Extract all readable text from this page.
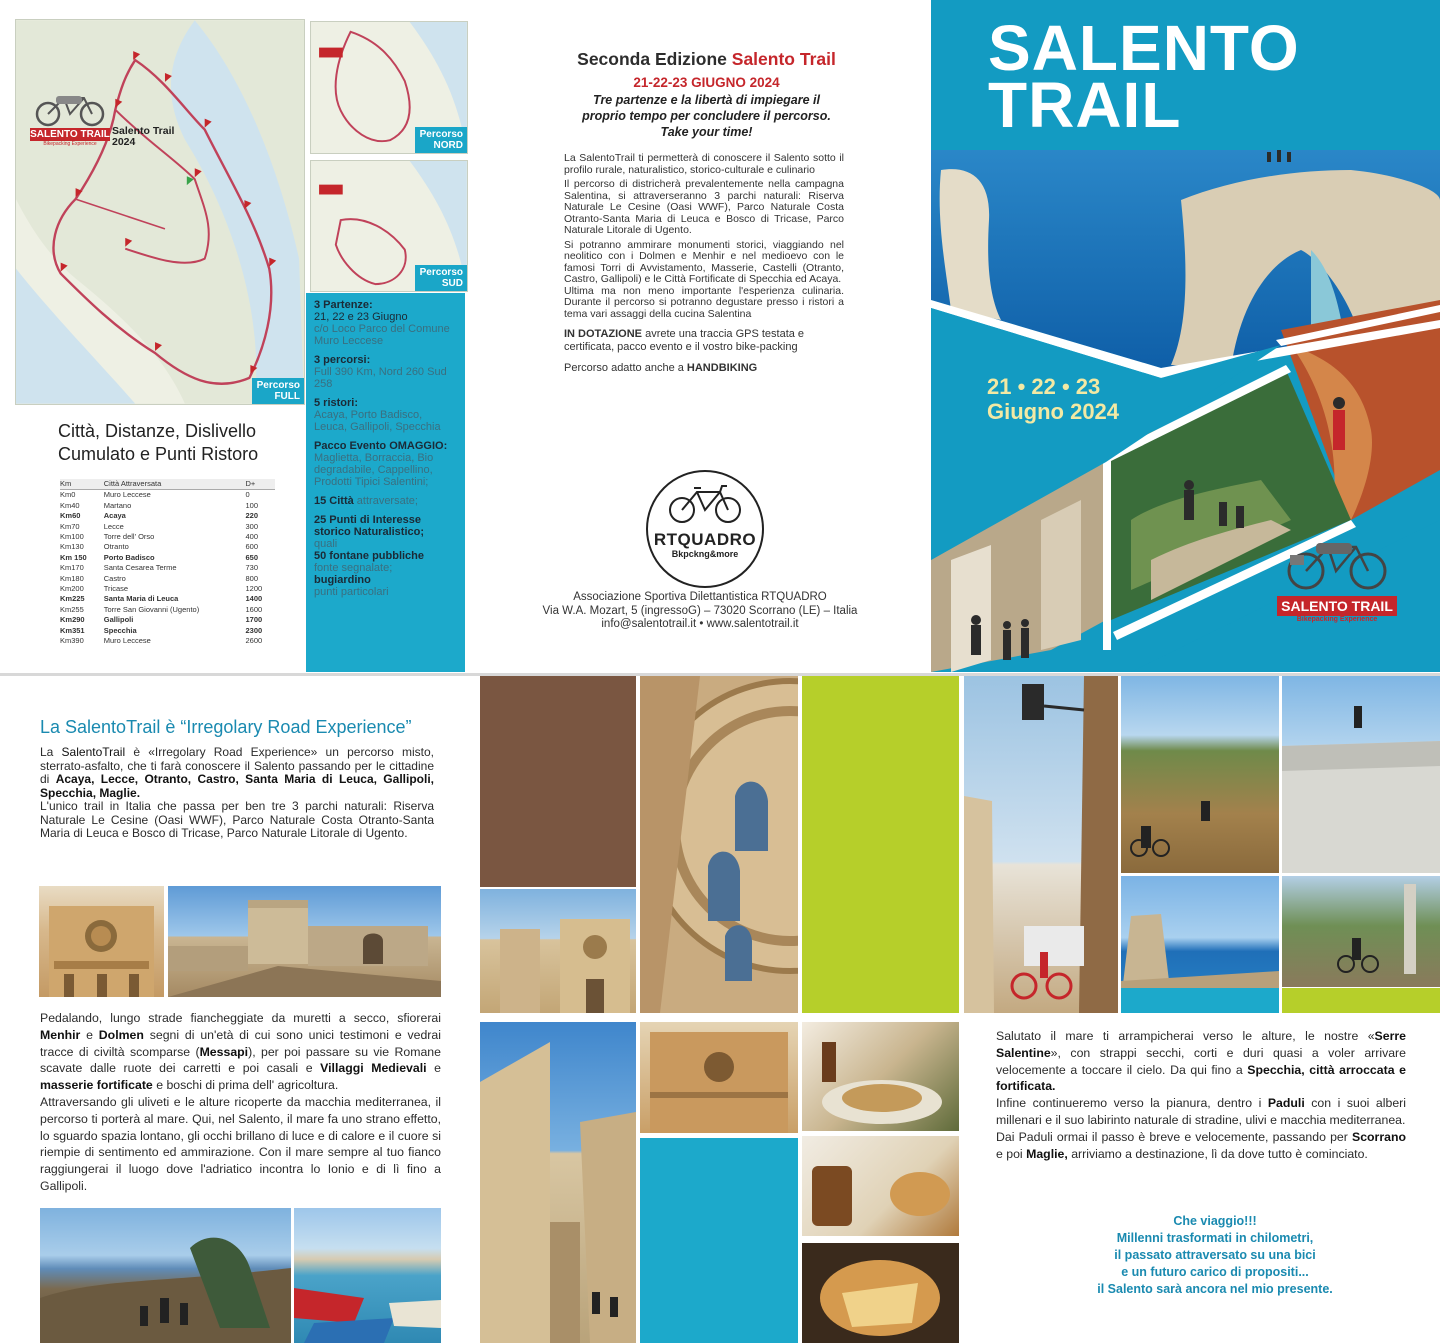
SALENTO TRAIL
Bikepacking Experience
Salento Trail 2024
Percorso FULL
Percorso NORD
Percorso SUD
3 Partenze:
21, 22 e 23 Giugno
c/o Loco Parco del Comune Muro Leccese
3 percorsi:
Full 390 Km, Nord 260 Sud 258
5 ristori:
Acaya, Porto Badisco, Leuca, Gallipoli, Specchia
Pacco Evento OMAGGIO:
Maglietta, Borraccia, Bio degradabile, Cappellino, Prodotti Tipici Salentini;
15 Città attraversate;
25 Punti di Interesse storico Naturalistico;
quali
50 fontane pubbliche
fonte segnalate;
bugiardino
punti particolari
Città, Distanze, Dislivello
Cumulato e Punti Ristoro
Km	Città Attraversata	D+
Km0	Muro Leccese	0
Km40	Martano	100
Km60	Acaya	220
Km70	Lecce	300
Km100	Torre dell' Orso	400
Km130	Otranto	600
Km 150	Porto Badisco	650
Km170	Santa Cesarea Terme	730
Km180	Castro	800
Km200	Tricase	1200
Km225	Santa Maria di Leuca	1400
Km255	Torre San Giovanni (Ugento)	1600
Km290	Gallipoli	1700
Km351	Specchia	2300
Km390	Muro Leccese	2600
Seconda Edizione Salento Trail
21-22-23 GIUGNO 2024
Tre partenze e la libertà di impiegare il
proprio tempo per concludere il percorso.
Take your time!
La SalentoTrail ti permetterà di conoscere il Salento sotto il profilo rurale, naturalistico, storico-culturale e culinario
Il percorso di districherà prevalentemente nella campagna Salentina, si attraverseranno 3 parchi naturali: Riserva Naturale Le Cesine (Oasi WWF), Parco Naturale Costa Otranto-Santa Maria di Leuca e Bosco di Tricase, Parco Naturale Litorale di Ugento.
Si potranno ammirare monumenti storici, viaggiando nel neolitico con i Dolmen e Menhir e nel medioevo con le famosi Torri di Avvistamento, Masserie, Castelli (Otranto, Castro, Gallipoli) e le Città Fortificate di Specchia ed Acaya.
Ultima ma non meno importante l'esperienza culinaria. Durante il percorso si potranno degustare presso i ristori a tema vari assaggi della cucina Salentina
IN DOTAZIONE avrete una traccia GPS testata e certificata, pacco evento e il vostro bike-packing
Percorso adatto anche a HANDBIKING
RTQUADRO
Bkpckng&more
Associazione Sportiva Dilettantistica RTQUADRO
Via W.A. Mozart, 5 (ingressoG) – 73020 Scorrano (LE) – Italia
info@salentotrail.it • www.salentotrail.it
SALENTO
TRAIL
21 • 22 • 23
Giugno 2024
SALENTO TRAIL
Bikepacking Experience
La SalentoTrail è “Irregolary Road Experience”
La SalentoTrail è «Irregolary Road Experience» un percorso misto, sterrato-asfalto, che ti farà conoscere il Salento passando per le cittadine di Acaya, Lecce, Otranto, Castro, Santa Maria di Leuca, Gallipoli, Specchia, Maglie.
L'unico trail in Italia che passa per ben tre 3 parchi naturali: Riserva Naturale Le Cesine (Oasi WWF), Parco Naturale Costa Otranto-Santa Maria di Leuca e Bosco di Tricase, Parco Naturale Litorale di Ugento.
Pedalando, lungo strade fiancheggiate da muretti a secco, sfiorerai Menhir e Dolmen segni di un'età di cui sono unici testimoni e vedrai tracce di civiltà scomparse (Messapi), per poi passare su vie Romane scavate dalle ruote dei carretti e poi casali e Villaggi Medievali e masserie fortificate e boschi di prima dell' agricoltura.
Attraversando gli uliveti e le alture ricoperte da macchia mediterranea, il percorso ti porterà al mare. Qui, nel Salento, il mare fa uno strano effetto, lo sguardo spazia lontano, gli occhi brillano di luce e di calore e il cuore si riempie di sentimento ed ammirazione. Con il mare sempre al tuo fianco raggiungerai il luogo dove l'adriatico incontra lo Ionio e di lì fino a Gallipoli.
Salutato il mare ti arrampicherai verso le alture, le nostre «Serre Salentine», con strappi secchi, corti e duri quasi a voler arrivare velocemente a toccare il cielo. Da qui fino a Specchia, città arroccata e fortificata.
Infine continueremo verso la pianura, dentro i Paduli con i suoi alberi millenari e il suo labirinto naturale di stradine, ulivi e macchia mediterranea.
Dai Paduli ormai il passo è breve e velocemente, passando per Scorrano e poi Maglie, arriviamo a destinazione, lì da dove tutto è cominciato.
Che viaggio!!!
Millenni trasformati in chilometri,
il passato attraversato su una bici
e un futuro carico di propositi...
il Salento sarà ancora nel mio presente.
